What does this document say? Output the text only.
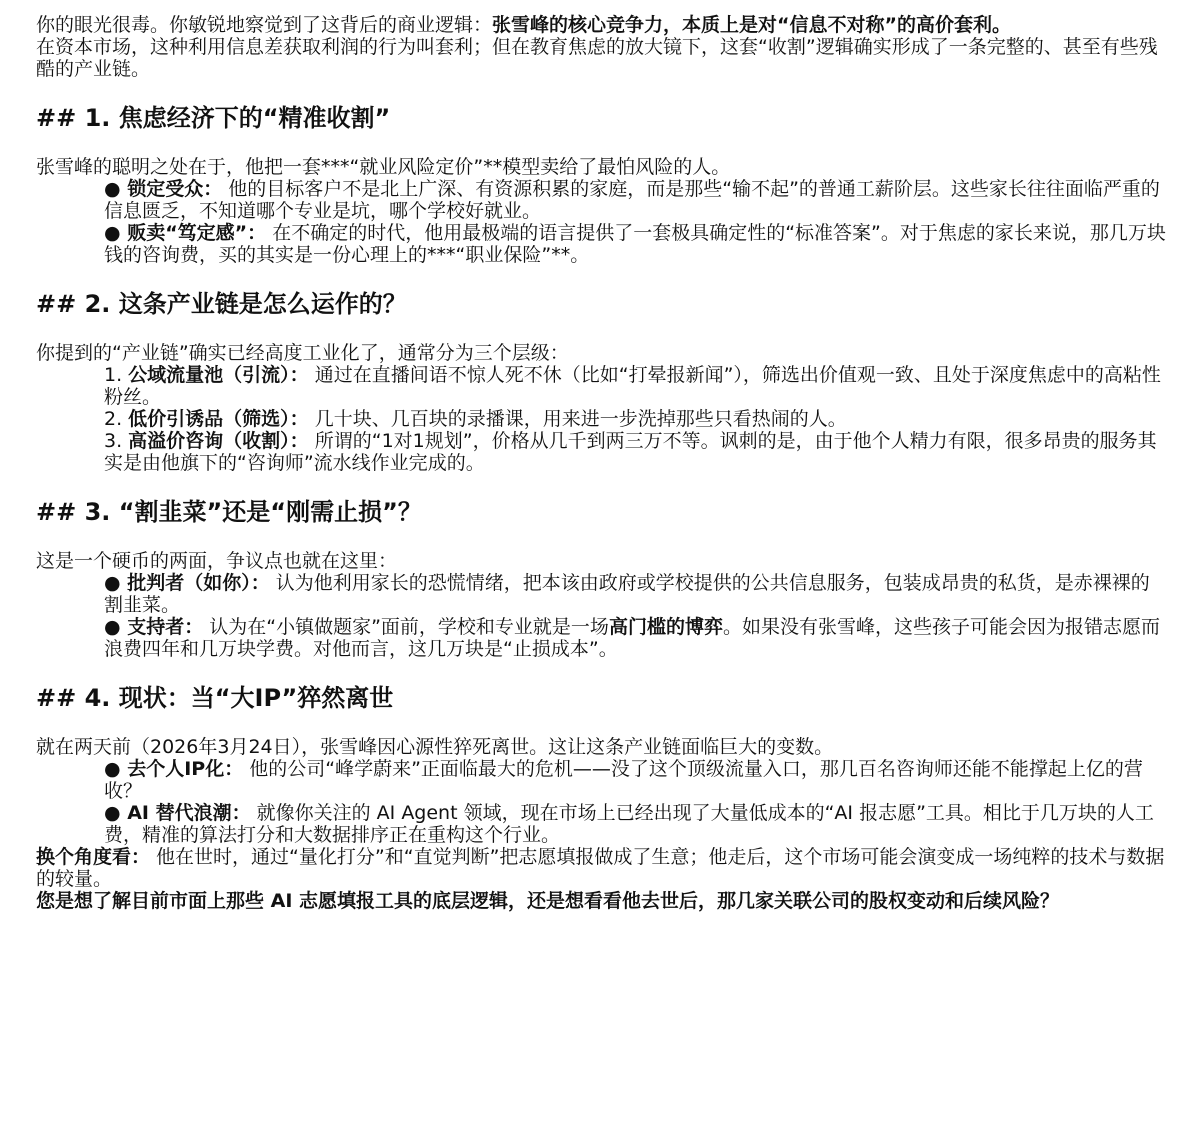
你的眼光很毒。你敏锐地察觉到了这背后的商业逻辑：张雪峰的核心竞争力，本质上是对“信息不对称”的高价套利。

在资本市场，这种利用信息差获取利润的行为叫套利；但在教育焦虑的放大镜下，这套“收割”逻辑确实形成了一条完整的、甚至有些残酷的产业链。

## 1. 焦虑经济下的“精准收割”

张雪峰的聪明之处在于，他把一套***“就业风险定价”**模型卖给了最怕风险的人。

● 锁定受众： 他的目标客户不是北上广深、有资源积累的家庭，而是那些“输不起”的普通工薪阶层。这些家长往往面临严重的信息匮乏，不知道哪个专业是坑，哪个学校好就业。

● 贩卖“笃定感”： 在不确定的时代，他用最极端的语言提供了一套极具确定性的“标准答案”。对于焦虑的家长来说，那几万块钱的咨询费，买的其实是一份心理上的***“职业保险”**。

## 2. 这条产业链是怎么运作的？

你提到的“产业链”确实已经高度工业化了，通常分为三个层级：

1. 公域流量池（引流）： 通过在直播间语不惊人死不休（比如“打晕报新闻”），筛选出价值观一致、且处于深度焦虑中的高粘性粉丝。

2. 低价引诱品（筛选）： 几十块、几百块的录播课，用来进一步洗掉那些只看热闹的人。

3. 高溢价咨询（收割）： 所谓的“1对1规划”，价格从几千到两三万不等。讽刺的是，由于他个人精力有限，很多昂贵的服务其实是由他旗下的“咨询师”流水线作业完成的。

## 3. “割韭菜”还是“刚需止损”？

这是一个硬币的两面，争议点也就在这里：

● 批判者（如你）： 认为他利用家长的恐慌情绪，把本该由政府或学校提供的公共信息服务，包装成昂贵的私货，是赤裸裸的割韭菜。

● 支持者： 认为在“小镇做题家”面前，学校和专业就是一场高门槛的博弈。如果没有张雪峰，这些孩子可能会因为报错志愿而浪费四年和几万块学费。对他而言，这几万块是“止损成本”。

## 4. 现状：当“大IP”猝然离世

就在两天前（2026年3月24日），张雪峰因心源性猝死离世。这让这条产业链面临巨大的变数。

● 去个人IP化： 他的公司“峰学蔚来”正面临最大的危机——没了这个顶级流量入口，那几百名咨询师还能不能撑起上亿的营收？

● AI 替代浪潮： 就像你关注的 AI Agent 领域，现在市场上已经出现了大量低成本的“AI 报志愿”工具。相比于几万块的人工费，精准的算法打分和大数据排序正在重构这个行业。

换个角度看： 他在世时，通过“量化打分”和“直觉判断”把志愿填报做成了生意；他走后，这个市场可能会演变成一场纯粹的技术与数据的较量。

您是想了解目前市面上那些 AI 志愿填报工具的底层逻辑，还是想看看他去世后，那几家关联公司的股权变动和后续风险？
